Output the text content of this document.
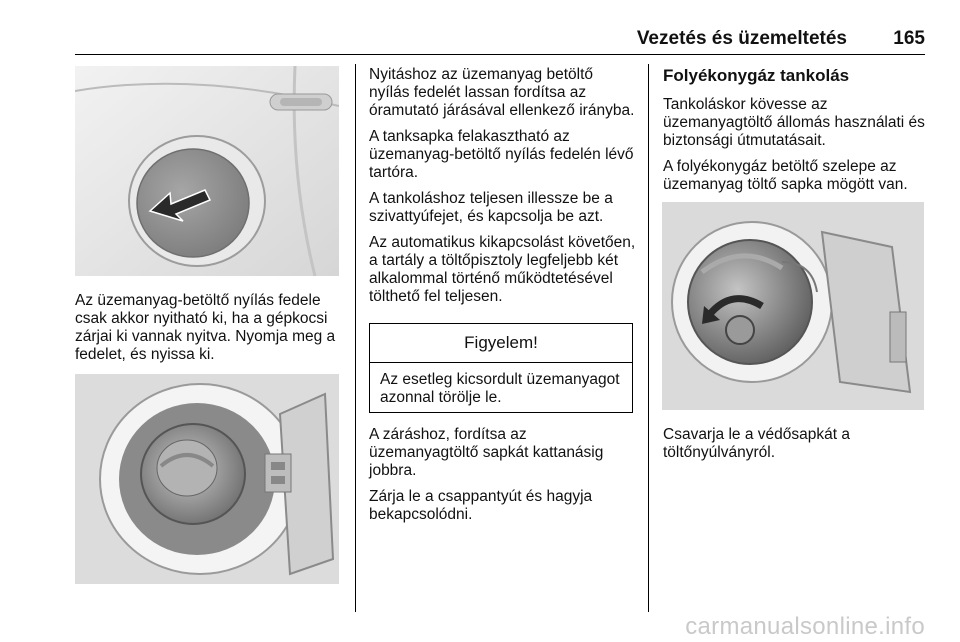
Vezetés és üzemeltetés 165
Az üzemanyag-betöltő nyílás fedele csak akkor nyitható ki, ha a gépkocsi zárjai ki vannak nyitva. Nyomja meg a fedelet, és nyissa ki.

Nyitáshoz az üzemanyag betöltő nyílás fedelét lassan fordítsa az óramutató járásával ellenkező irányba.

A tanksapka felakasztható az üzemanyag-betöltő nyílás fedelén lévő tartóra.

A tankoláshoz teljesen illessze be a szivattyúfejet, és kapcsolja be azt.

Az automatikus kikapcsolást követően, a tartály a töltőpisztoly legfeljebb két alkalommal történő működtetésével tölthető fel teljesen.

Figyelem!
Az esetleg kicsordult üzemanyagot azonnal törölje le.

A záráshoz, fordítsa az üzemanyagtöltő sapkát kattanásig jobbra.

Zárja le a csappantyút és hagyja bekapcsolódni.

Folyékonygáz tankolás

Tankoláskor kövesse az üzemanyagtöltő állomás használati és biztonsági útmutatásait.

A folyékonygáz betöltő szelepe az üzemanyag töltő sapka mögött van.

Csavarja le a védősapkát a töltőnyúlványról.
carmanualsonline.info
